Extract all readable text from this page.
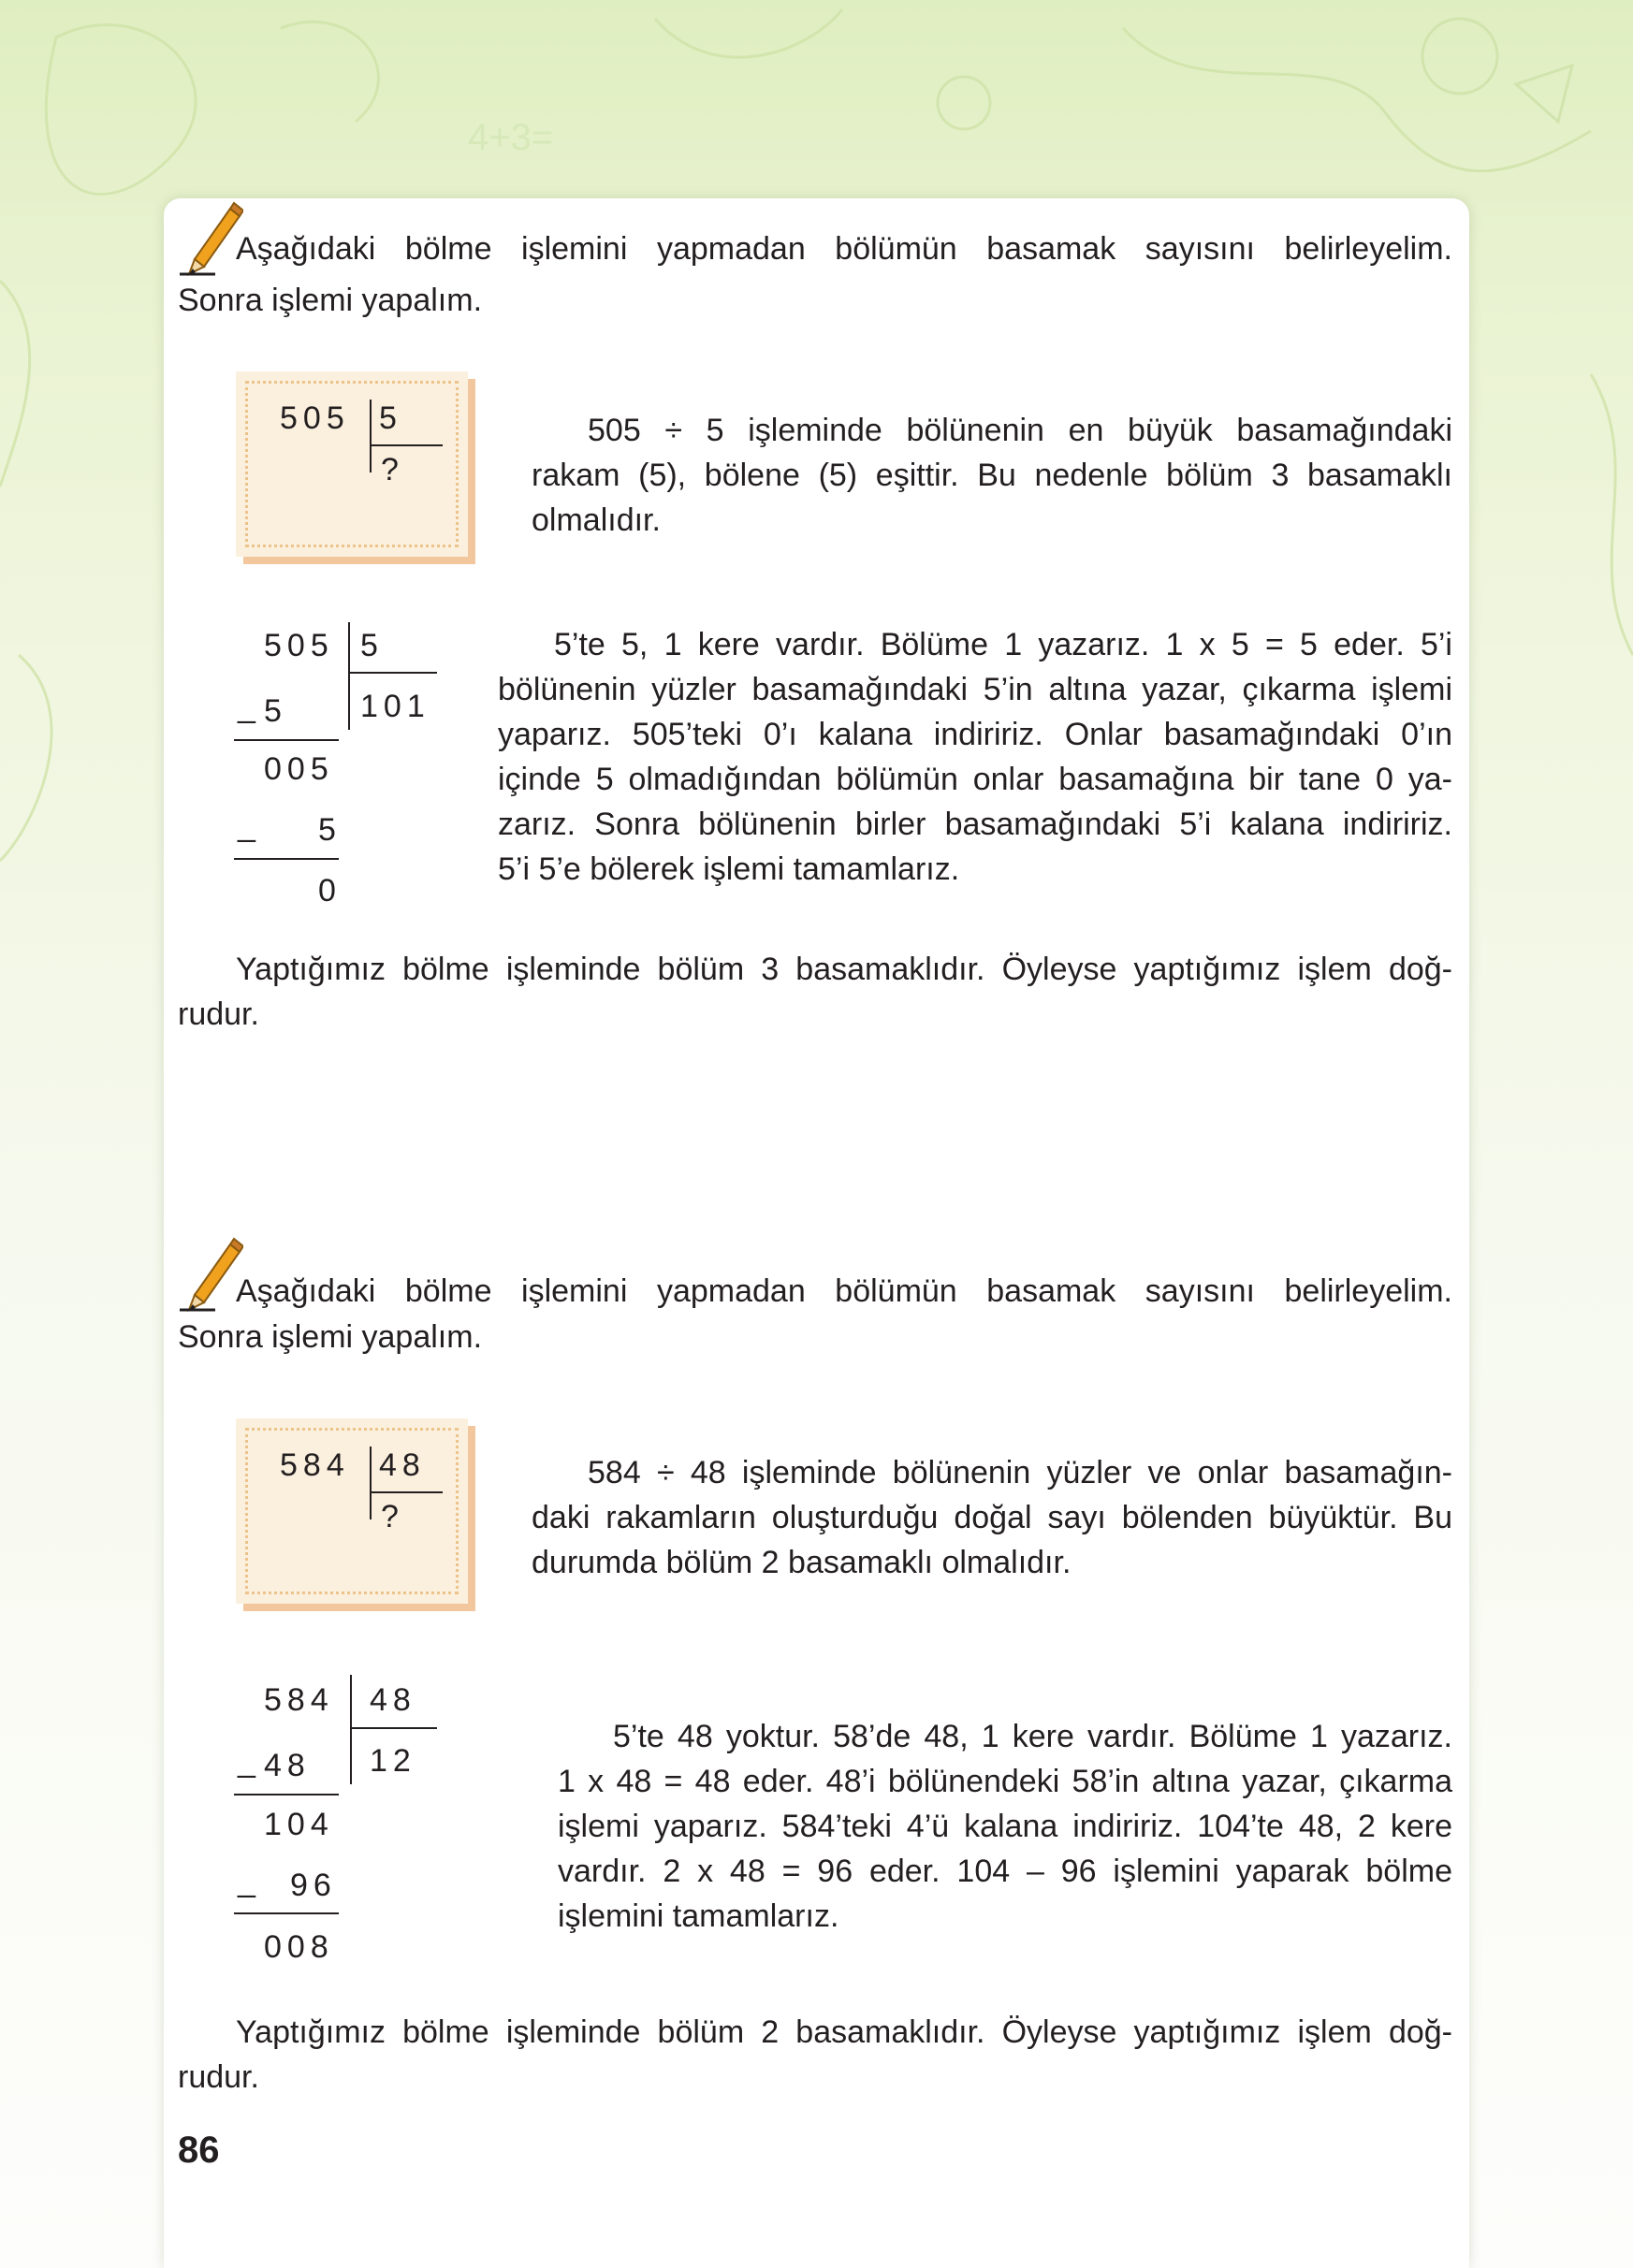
4+3=
Aşağıdaki bölme işlemini yapmadan bölümün basamak sayısını belirleyelim.
Sonra işlemi yapalım.
505 5
?
505 ÷ 5 işleminde bölünenin en büyük basamağındaki
rakam (5), bölene (5) eşittir. Bu nedenle bölüm 3 basamaklı
olmalıdır.
505 5
101
_ 5
005
_ 5
0
5’te 5, 1 kere vardır. Bölüme 1 yazarız. 1 x 5 = 5 eder. 5’i
bölünenin yüzler basamağındaki 5’in altına yazar, çıkarma işlemi
yaparız. 505’teki 0’ı kalana indiririz. Onlar basamağındaki 0’ın
içinde 5 olmadığından bölümün onlar basamağına bir tane 0 ya-
zarız. Sonra bölünenin birler basamağındaki 5’i kalana indiririz.
5’i 5’e bölerek işlemi tamamlarız.
Yaptığımız bölme işleminde bölüm 3 basamaklıdır. Öyleyse yaptığımız işlem doğ-
rudur.
Aşağıdaki bölme işlemini yapmadan bölümün basamak sayısını belirleyelim.
Sonra işlemi yapalım.
584 48
?
584 ÷ 48 işleminde bölünenin yüzler ve onlar basamağın-
daki rakamların oluşturduğu doğal sayı bölenden büyüktür. Bu
durumda bölüm 2 basamaklı olmalıdır.
584 48
12
_ 48
104
_ 96
008
5’te 48 yoktur. 58’de 48, 1 kere vardır. Bölüme 1 yazarız.
1 x 48 = 48 eder. 48’i bölünendeki 58’in altına yazar, çıkarma
işlemi yaparız. 584’teki 4’ü kalana indiririz. 104’te 48, 2 kere
vardır. 2 x 48 = 96 eder. 104 – 96 işlemini yaparak bölme
işlemini tamamlarız.
Yaptığımız bölme işleminde bölüm 2 basamaklıdır. Öyleyse yaptığımız işlem doğ-
rudur.
86
